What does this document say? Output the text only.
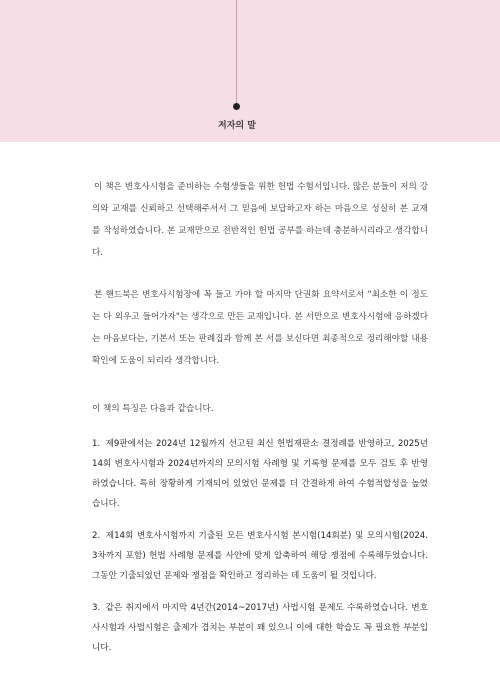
저자의 말

이 책은 변호사시험을 준비하는 수험생들을 위한 헌법 수험서입니다. 많은 분들이 저의 강의와 교재를 신뢰하고 선택해주셔서 그 믿음에 보답하고자 하는 마음으로 성실히 본 교재를 작성하였습니다. 본 교재만으로 전반적인 헌법 공부를 하는데 충분하시리라고 생각합니다.

본 핸드북은 변호사시험장에 꼭 들고 가야 할 마지막 단권화 요약서로서 "최소한 이 정도는 다 외우고 들어가자"는 생각으로 만든 교재입니다. 본 서만으로 변호사시험에 응하겠다는 마음보다는, 기본서 또는 판례집과 함께 본 서를 보신다면 최종적으로 정리해야할 내용 확인에 도움이 되리라 생각합니다.

이 책의 특징은 다음과 같습니다.

1. 제9판에서는 2024년 12월까지 선고된 최신 헌법재판소 결정례를 반영하고, 2025년 14회 변호사시험과 2024년까지의 모의시험 사례형 및 기록형 문제를 모두 검토 후 반영하였습니다. 특히 장황하게 기재되어 있었던 문제를 더 간결하게 하여 수험적합성을 높였습니다.
2. 제14회 변호사시험까지 기출된 모든 변호사시험 본시험(14회분) 및 모의시험(2024. 3차까지 포함) 헌법 사례형 문제를 사안에 맞게 압축하여 해당 쟁점에 수록해두었습니다. 그동안 기출되었던 문제와 쟁점을 확인하고 정리하는 데 도움이 될 것입니다.
3. 같은 취지에서 마지막 4년간(2014~2017년) 사법시험 문제도 수록하였습니다. 변호사시험과 사법시험은 출제가 겹치는 부분이 꽤 있으니 이에 대한 학습도 꼭 필요한 부분입니다.
